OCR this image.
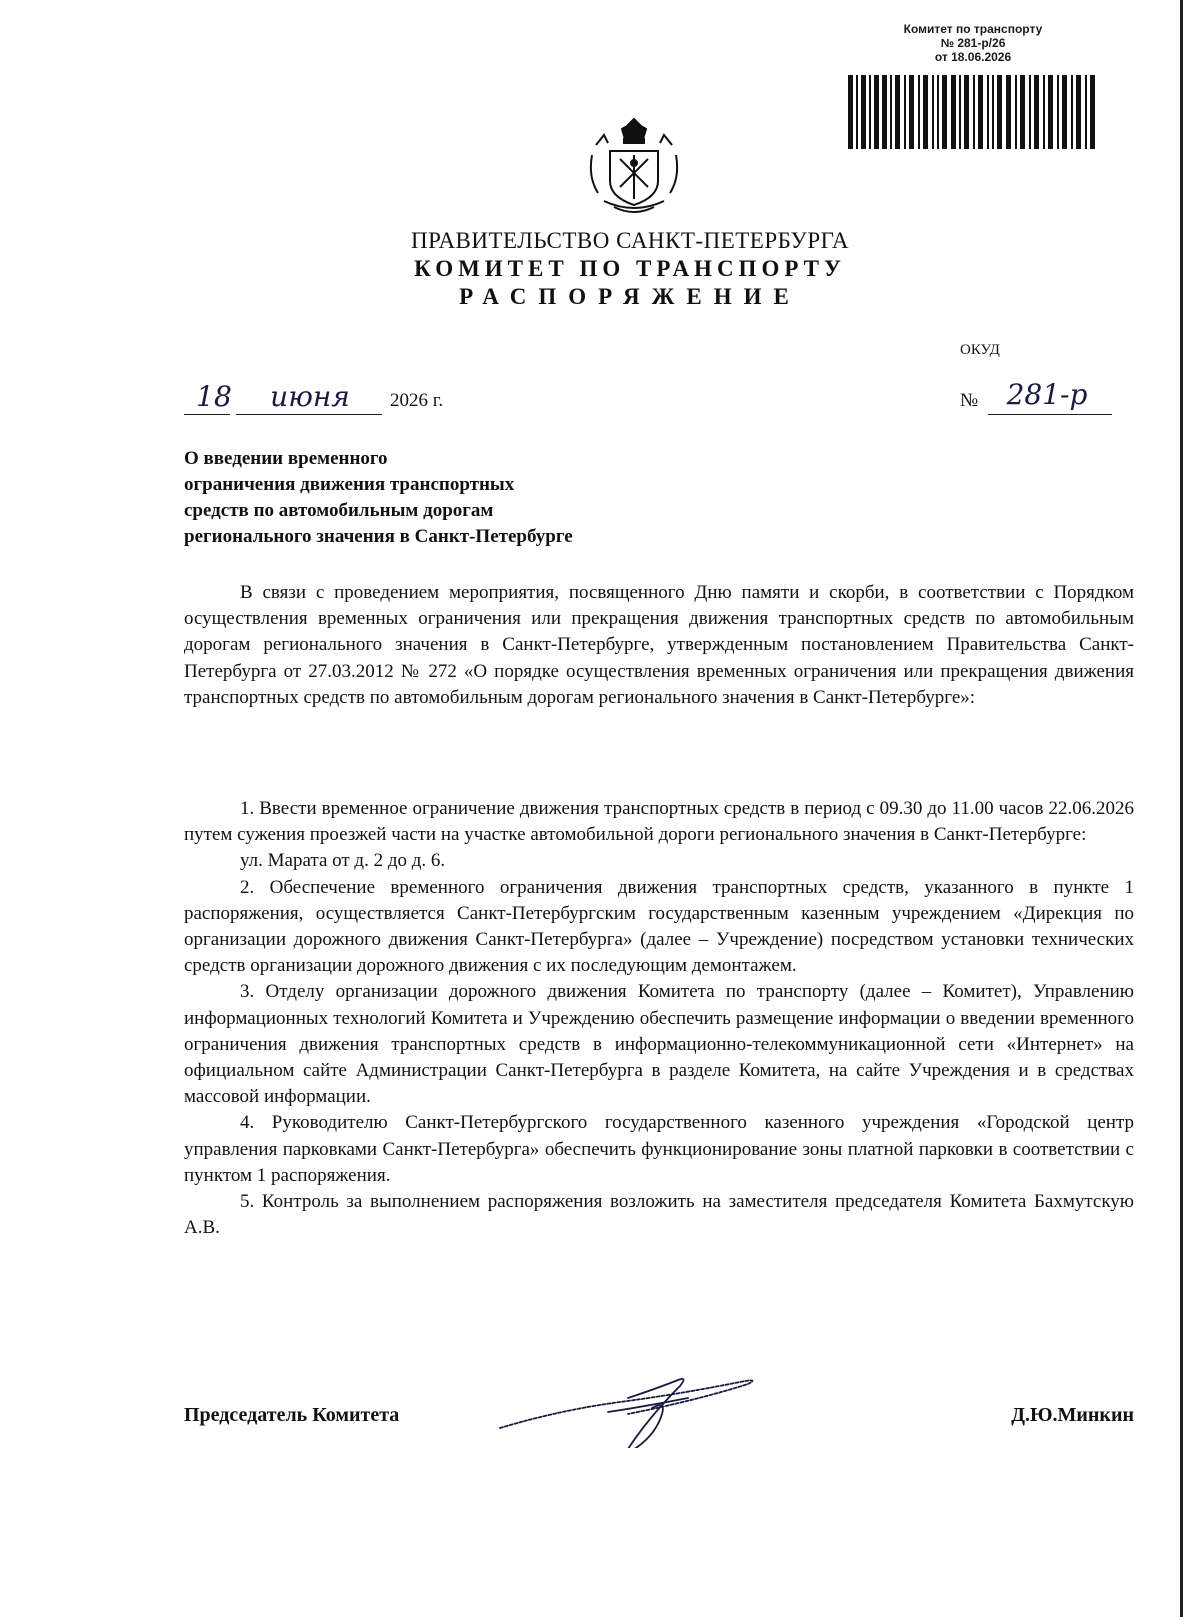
Комитет по транспорту
№ 281-р/26
от 18.06.2026
ПРАВИТЕЛЬСТВО САНКТ-ПЕТЕРБУРГА
КОМИТЕТ ПО ТРАНСПОРТУ
РАСПОРЯЖЕНИЕ
ОКУД
18	июня	2026 г.	№	281-р
О введении временного
ограничения движения транспортных
средств по автомобильным дорогам
регионального значения в Санкт-Петербурге

В связи с проведением мероприятия, посвященного Дню памяти и скорби, в соответствии с Порядком осуществления временных ограничения или прекращения движения транспортных средств по автомобильным дорогам регионального значения в Санкт-Петербурге, утвержденным постановлением Правительства Санкт-Петербурга от 27.03.2012 № 272 «О порядке осуществления временных ограничения или прекращения движения транспортных средств по автомобильным дорогам регионального значения в Санкт-Петербурге»:

1. Ввести временное ограничение движения транспортных средств в период с 09.30 до 11.00 часов 22.06.2026 путем сужения проезжей части на участке автомобильной дороги регионального значения в Санкт-Петербурге:

ул. Марата от д. 2 до д. 6.

2. Обеспечение временного ограничения движения транспортных средств, указанного в пункте 1 распоряжения, осуществляется Санкт-Петербургским государственным казенным учреждением «Дирекция по организации дорожного движения Санкт-Петербурга» (далее – Учреждение) посредством установки технических средств организации дорожного движения с их последующим демонтажем.

3. Отделу организации дорожного движения Комитета по транспорту (далее – Комитет), Управлению информационных технологий Комитета и Учреждению обеспечить размещение информации о введении временного ограничения движения транспортных средств в информационно-телекоммуникационной сети «Интернет» на официальном сайте Администрации Санкт-Петербурга в разделе Комитета, на сайте Учреждения и в средствах массовой информации.

4. Руководителю Санкт-Петербургского государственного казенного учреждения «Городской центр управления парковками Санкт-Петербурга» обеспечить функционирование зоны платной парковки в соответствии с пунктом 1 распоряжения.

5. Контроль за выполнением распоряжения возложить на заместителя председателя Комитета Бахмутскую А.В.

Председатель Комитета	Д.Ю.Минкин
